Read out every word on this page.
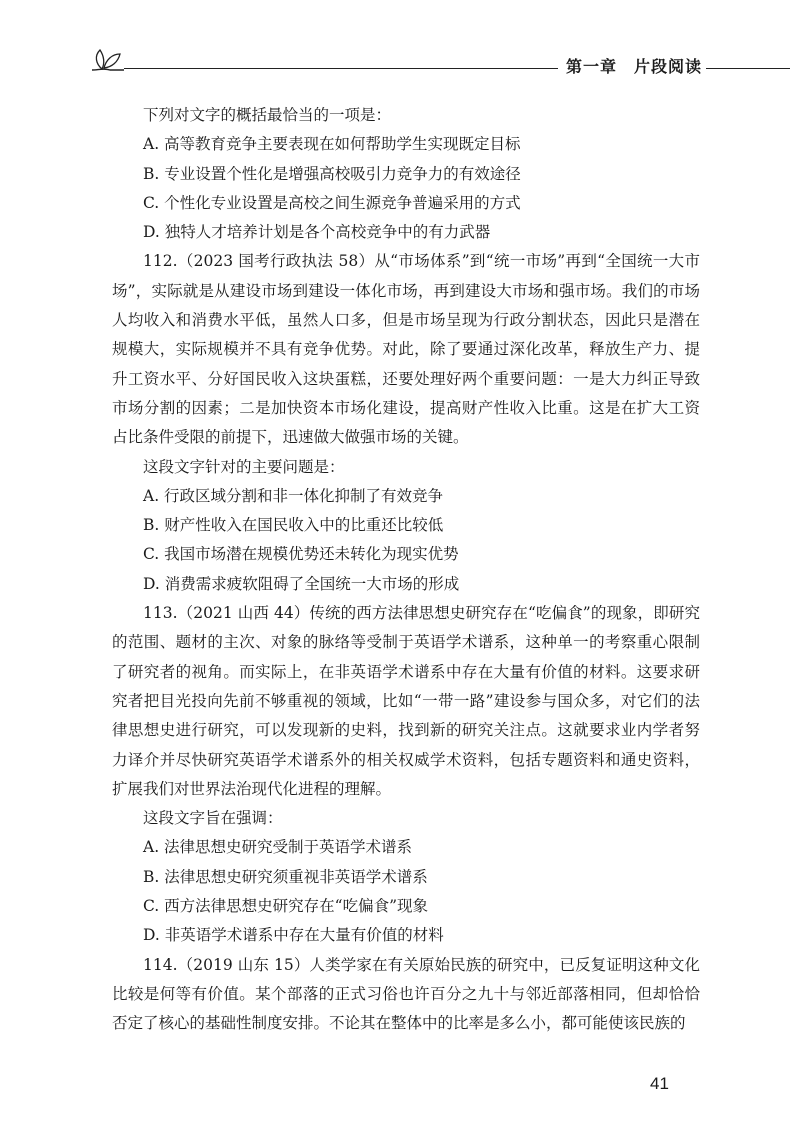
第一章　片段阅读

下列对文字的概括最恰当的一项是：

A. 高等教育竞争主要表现在如何帮助学生实现既定目标

B. 专业设置个性化是增强高校吸引力竞争力的有效途径

C. 个性化专业设置是高校之间生源竞争普遍采用的方式

D. 独特人才培养计划是各个高校竞争中的有力武器

112.（2023 国考行政执法 58）从“市场体系”到“统一市场”再到“全国统一大市场”，实际就是从建设市场到建设一体化市场，再到建设大市场和强市场。我们的市场人均收入和消费水平低，虽然人口多，但是市场呈现为行政分割状态，因此只是潜在规模大，实际规模并不具有竞争优势。对此，除了要通过深化改革，释放生产力、提升工资水平、分好国民收入这块蛋糕，还要处理好两个重要问题：一是大力纠正导致市场分割的因素；二是加快资本市场化建设，提高财产性收入比重。这是在扩大工资占比条件受限的前提下，迅速做大做强市场的关键。

这段文字针对的主要问题是：

A. 行政区域分割和非一体化抑制了有效竞争

B. 财产性收入在国民收入中的比重还比较低

C. 我国市场潜在规模优势还未转化为现实优势

D. 消费需求疲软阻碍了全国统一大市场的形成

113.（2021 山西 44）传统的西方法律思想史研究存在“吃偏食”的现象，即研究的范围、题材的主次、对象的脉络等受制于英语学术谱系，这种单一的考察重心限制了研究者的视角。而实际上，在非英语学术谱系中存在大量有价值的材料。这要求研究者把目光投向先前不够重视的领域，比如“一带一路”建设参与国众多，对它们的法律思想史进行研究，可以发现新的史料，找到新的研究关注点。这就要求业内学者努力译介并尽快研究英语学术谱系外的相关权威学术资料，包括专题资料和通史资料，扩展我们对世界法治现代化进程的理解。

这段文字旨在强调：

A. 法律思想史研究受制于英语学术谱系

B. 法律思想史研究须重视非英语学术谱系

C. 西方法律思想史研究存在“吃偏食”现象

D. 非英语学术谱系中存在大量有价值的材料

114.（2019 山东 15）人类学家在有关原始民族的研究中，已反复证明这种文化比较是何等有价值。某个部落的正式习俗也许百分之九十与邻近部落相同，但却恰恰否定了核心的基础性制度安排。不论其在整体中的比率是多么小，都可能使该民族的

41
